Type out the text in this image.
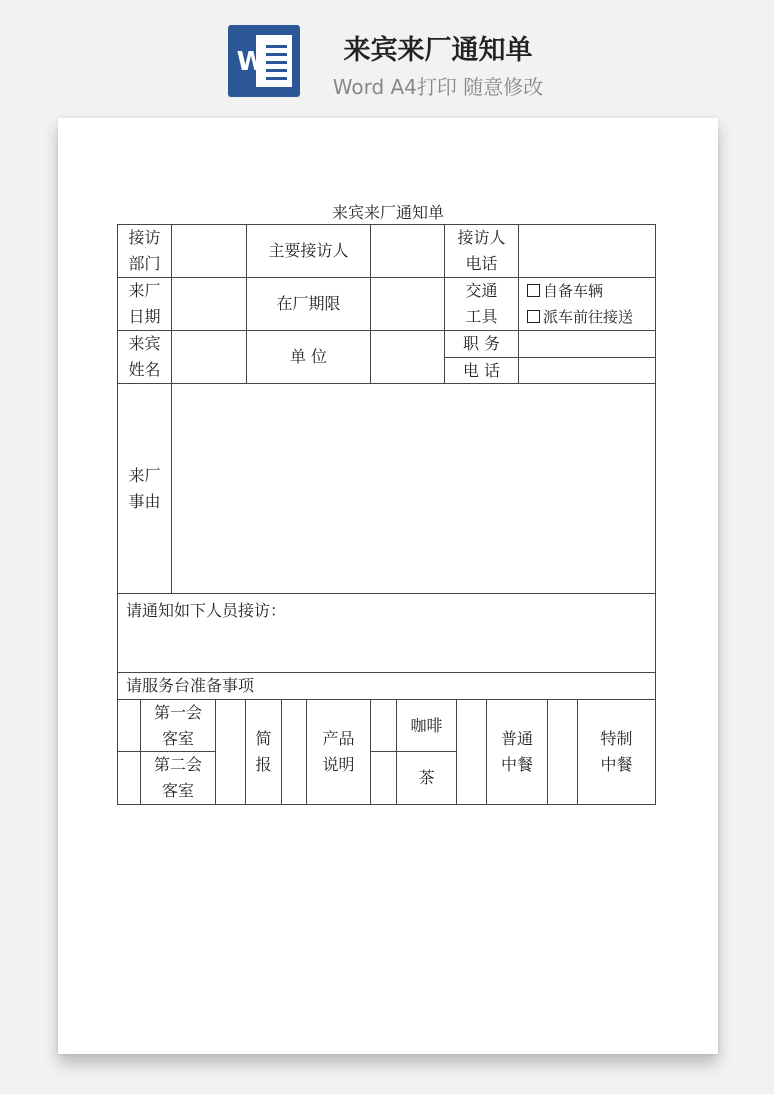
W	来宾来厂通知单
Word A4打印 随意修改
来宾来厂通知单
接访
部门
主要接访人
接访人
电话
来厂
日期
在厂期限
交通
工具
自备车辆
派车前往接送
来宾
姓名
单 位
职 务
电 话
来厂
事由
请通知如下人员接访：
请服务台准备事项
第一会
客室
第二会
客室
简
报
产品
说明
咖啡
茶
普通
中餐
特制
中餐
